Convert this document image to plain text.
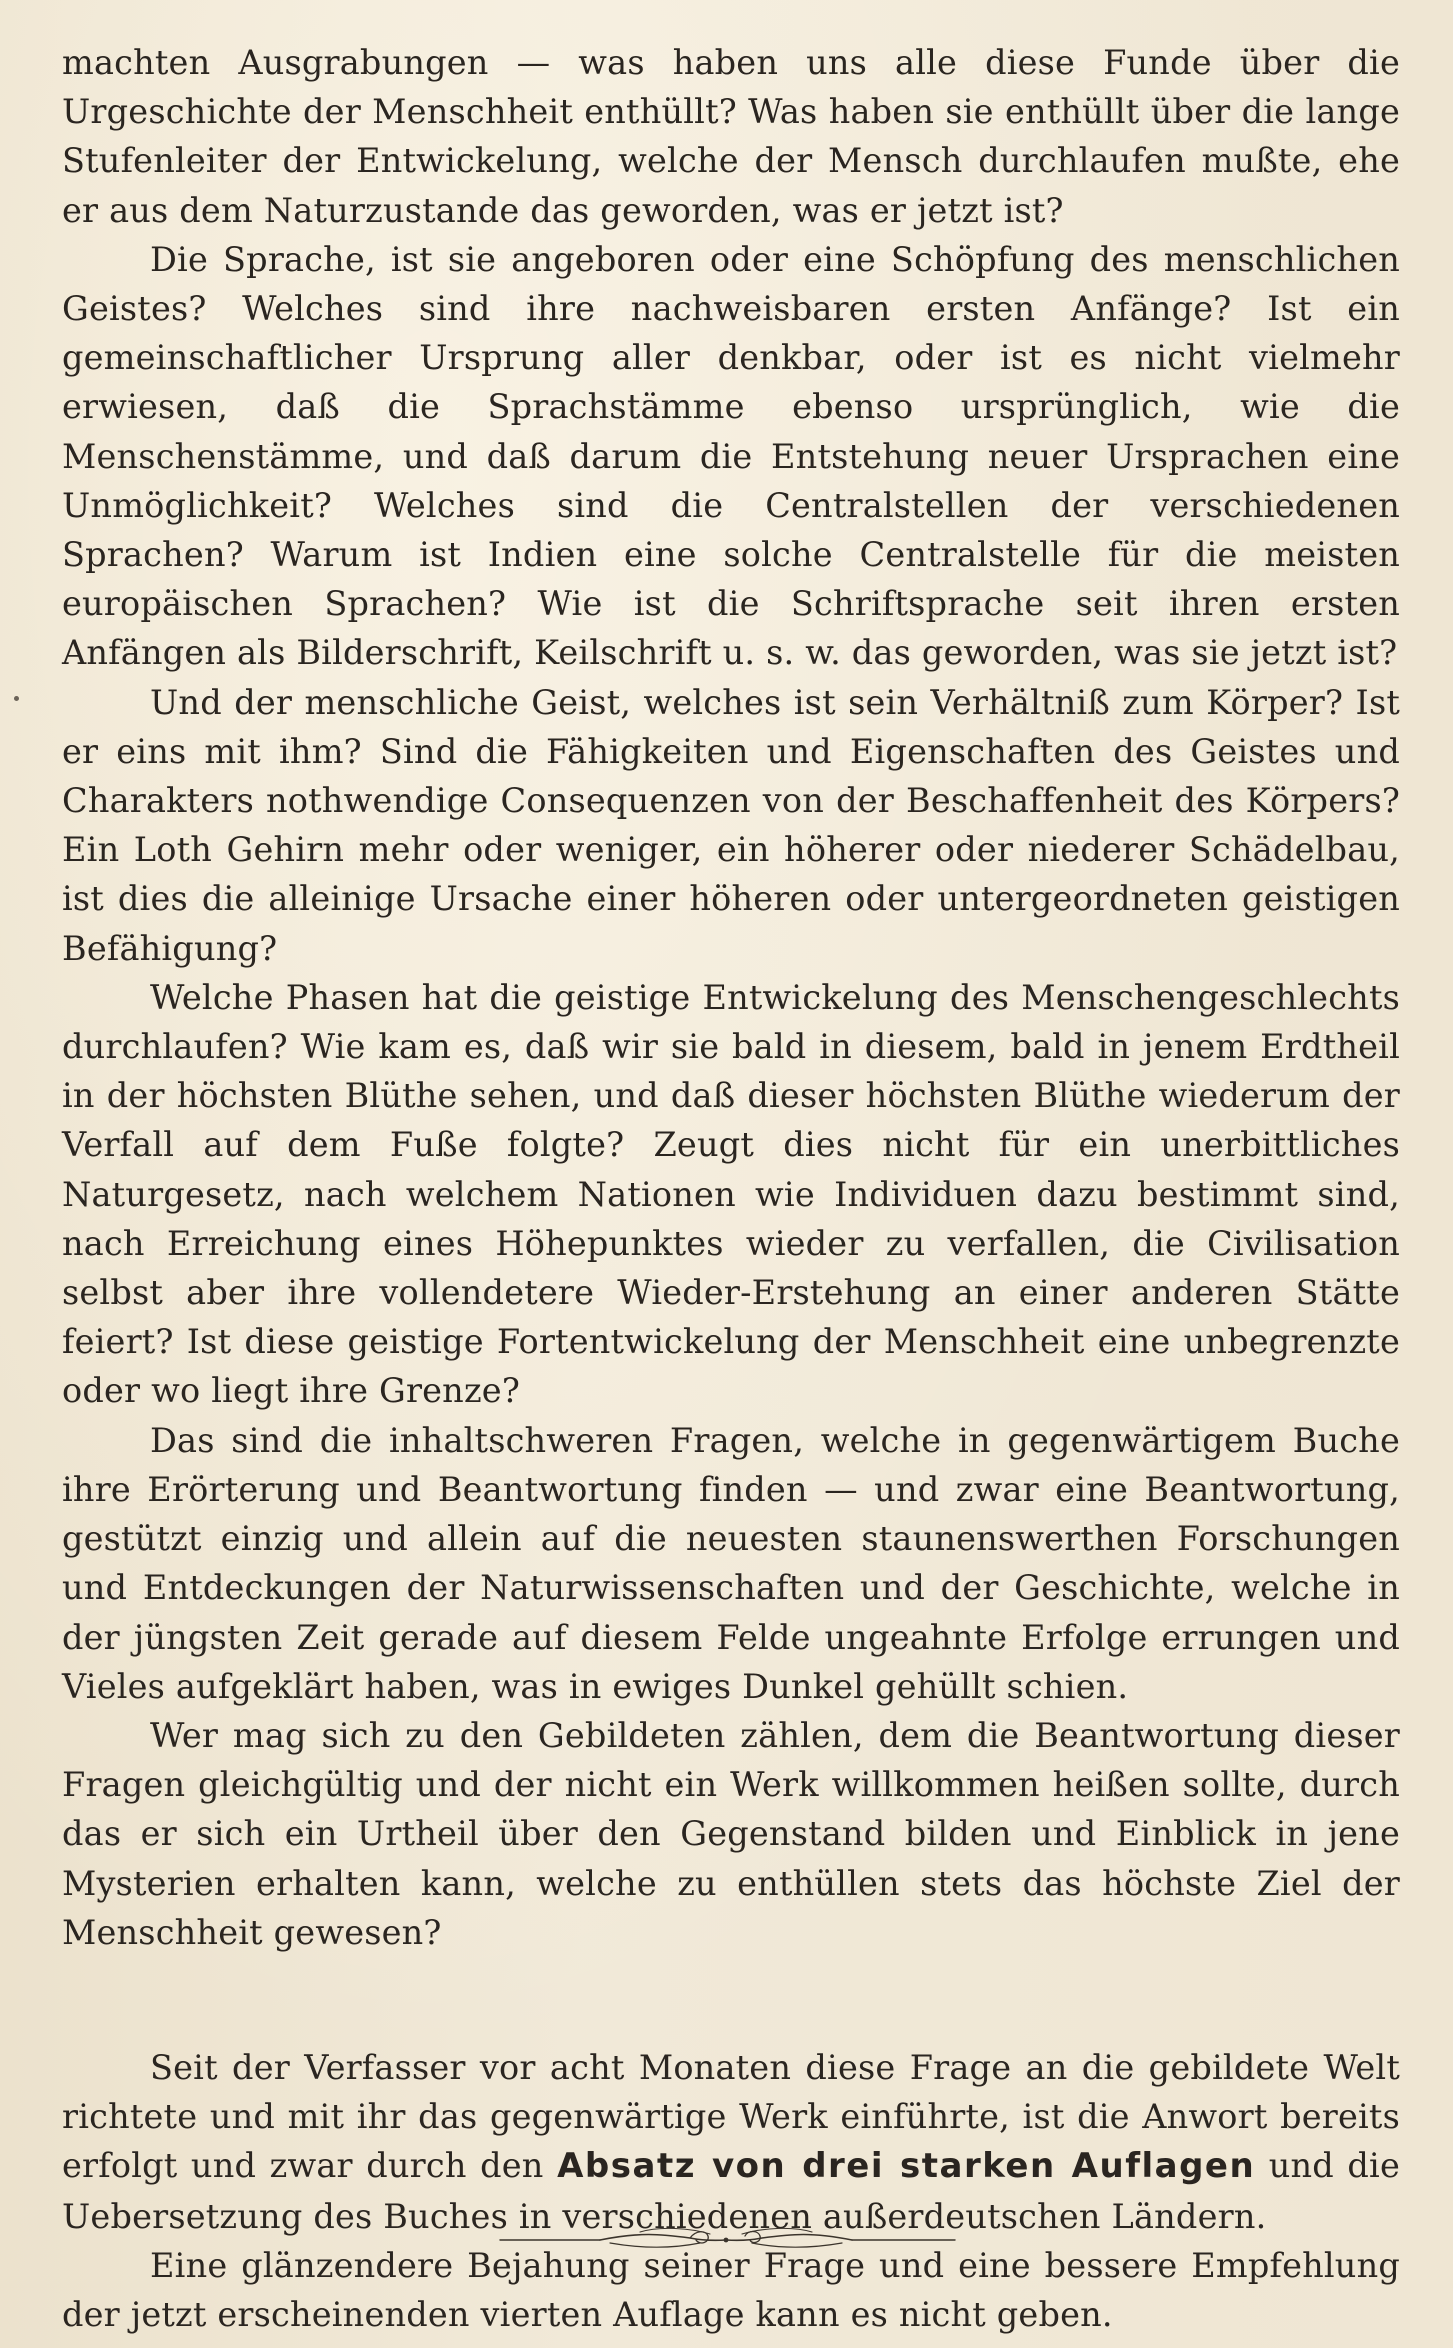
machten Ausgrabungen — was haben uns alle diese Funde über die Urgeschichte der Menschheit enthüllt? Was haben sie enthüllt über die lange Stufenleiter der Entwickelung, welche der Mensch durchlaufen mußte, ehe er aus dem Naturzustande das geworden, was er jetzt ist?

Die Sprache, ist sie angeboren oder eine Schöpfung des menschlichen Geistes? Welches sind ihre nachweisbaren ersten Anfänge? Ist ein gemeinschaftlicher Ursprung aller denkbar, oder ist es nicht vielmehr erwiesen, daß die Sprachstämme ebenso ursprünglich, wie die Menschenstämme, und daß darum die Entstehung neuer Ursprachen eine Unmöglichkeit? Welches sind die Centralstellen der verschiedenen Sprachen? Warum ist Indien eine solche Centralstelle für die meisten europäischen Sprachen? Wie ist die Schriftsprache seit ihren ersten Anfängen als Bilderschrift, Keilschrift u. s. w. das geworden, was sie jetzt ist?

Und der menschliche Geist, welches ist sein Verhältniß zum Körper? Ist er eins mit ihm? Sind die Fähigkeiten und Eigenschaften des Geistes und Charakters nothwendige Consequenzen von der Beschaffenheit des Körpers? Ein Loth Gehirn mehr oder weniger, ein höherer oder niederer Schädelbau, ist dies die alleinige Ursache einer höheren oder untergeordneten geistigen Befähigung?

Welche Phasen hat die geistige Entwickelung des Menschengeschlechts durchlaufen? Wie kam es, daß wir sie bald in diesem, bald in jenem Erdtheil in der höchsten Blüthe sehen, und daß dieser höchsten Blüthe wiederum der Verfall auf dem Fuße folgte? Zeugt dies nicht für ein unerbittliches Naturgesetz, nach welchem Nationen wie Individuen dazu bestimmt sind, nach Erreichung eines Höhepunktes wieder zu verfallen, die Civilisation selbst aber ihre vollendetere Wieder-Erstehung an einer anderen Stätte feiert? Ist diese geistige Fortentwickelung der Menschheit eine unbegrenzte oder wo liegt ihre Grenze?

Das sind die inhaltschweren Fragen, welche in gegenwärtigem Buche ihre Erörterung und Beantwortung finden — und zwar eine Beantwortung, gestützt einzig und allein auf die neuesten staunenswerthen Forschungen und Entdeckungen der Naturwissenschaften und der Geschichte, welche in der jüngsten Zeit gerade auf diesem Felde ungeahnte Erfolge errungen und Vieles aufgeklärt haben, was in ewiges Dunkel gehüllt schien.

Wer mag sich zu den Gebildeten zählen, dem die Beantwortung dieser Fragen gleichgültig und der nicht ein Werk willkommen heißen sollte, durch das er sich ein Urtheil über den Gegenstand bilden und Einblick in jene Mysterien erhalten kann, welche zu enthüllen stets das höchste Ziel der Menschheit gewesen?

Seit der Verfasser vor acht Monaten diese Frage an die gebildete Welt richtete und mit ihr das gegenwärtige Werk einführte, ist die Anwort bereits erfolgt und zwar durch den Absatz von drei starken Auflagen und die Uebersetzung des Buches in verschiedenen außerdeutschen Ländern.

Eine glänzendere Bejahung seiner Frage und eine bessere Empfehlung der jetzt erscheinenden vierten Auflage kann es nicht geben.
